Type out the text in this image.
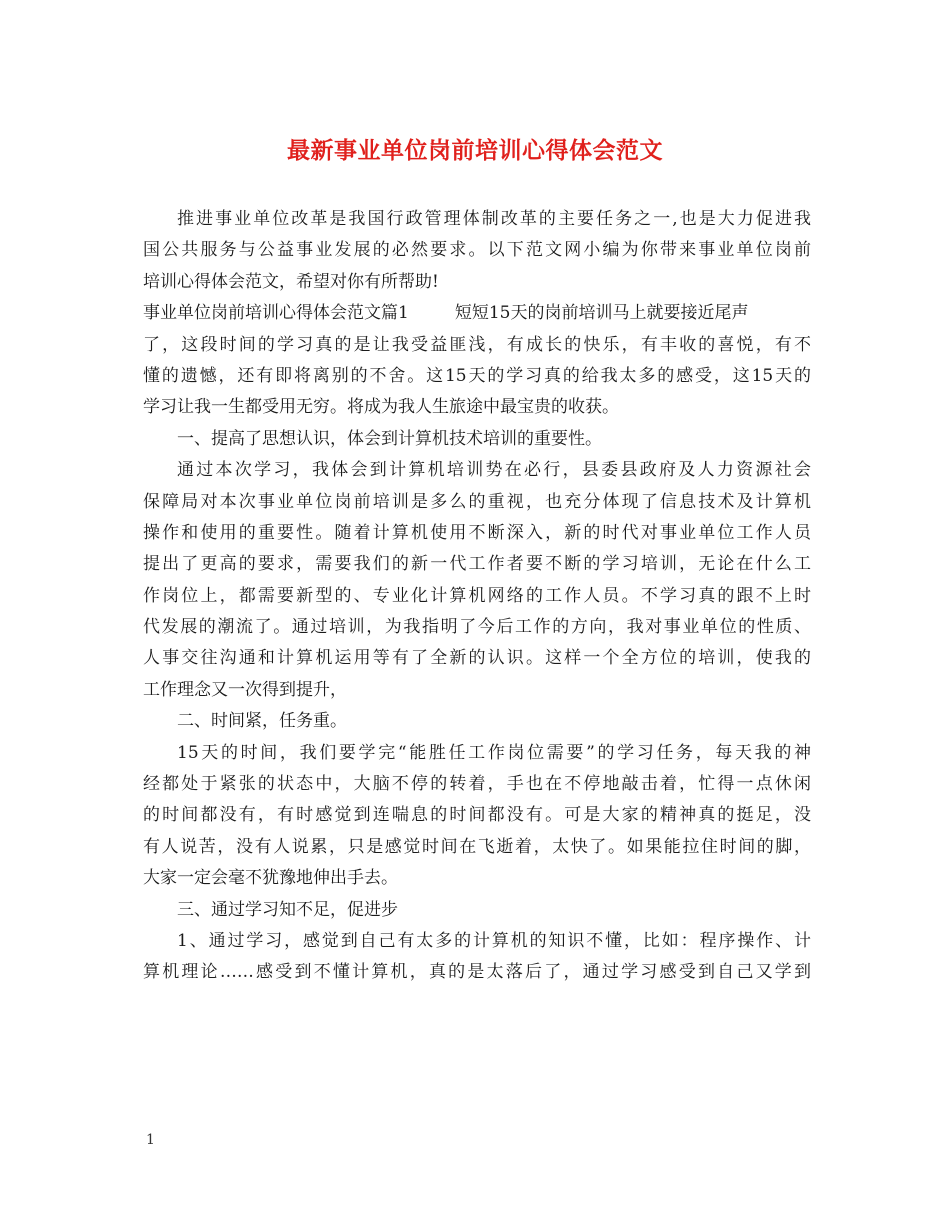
最新事业单位岗前培训心得体会范文
推进事业单位改革是我国行政管理体制改革的主要任务之一,也是大力促进我
国公共服务与公益事业发展的必然要求。以下范文网小编为你带来事业单位岗前
培训心得体会范文，希望对你有所帮助!
事业单位岗前培训心得体会范文篇1	短短15天的岗前培训马上就要接近尾声
了，这段时间的学习真的是让我受益匪浅，有成长的快乐，有丰收的喜悦，有不
懂的遗憾，还有即将离别的不舍。这15天的学习真的给我太多的感受，这15天的
学习让我一生都受用无穷。将成为我人生旅途中最宝贵的收获。
一、提高了思想认识，体会到计算机技术培训的重要性。
通过本次学习，我体会到计算机培训势在必行，县委县政府及人力资源社会
保障局对本次事业单位岗前培训是多么的重视，也充分体现了信息技术及计算机
操作和使用的重要性。随着计算机使用不断深入，新的时代对事业单位工作人员
提出了更高的要求，需要我们的新一代工作者要不断的学习培训，无论在什么工
作岗位上，都需要新型的、专业化计算机网络的工作人员。不学习真的跟不上时
代发展的潮流了。通过培训，为我指明了今后工作的方向，我对事业单位的性质、
人事交往沟通和计算机运用等有了全新的认识。这样一个全方位的培训，使我的
工作理念又一次得到提升，
二、时间紧，任务重。
15天的时间，我们要学完“能胜任工作岗位需要”的学习任务，每天我的神
经都处于紧张的状态中，大脑不停的转着，手也在不停地敲击着，忙得一点休闲
的时间都没有，有时感觉到连喘息的时间都没有。可是大家的精神真的挺足，没
有人说苦，没有人说累，只是感觉时间在飞逝着，太快了。如果能拉住时间的脚，
大家一定会毫不犹豫地伸出手去。
三、通过学习知不足，促进步
1、通过学习，感觉到自己有太多的计算机的知识不懂，比如：程序操作、计
算机理论……感受到不懂计算机，真的是太落后了，通过学习感受到自己又学到
1
